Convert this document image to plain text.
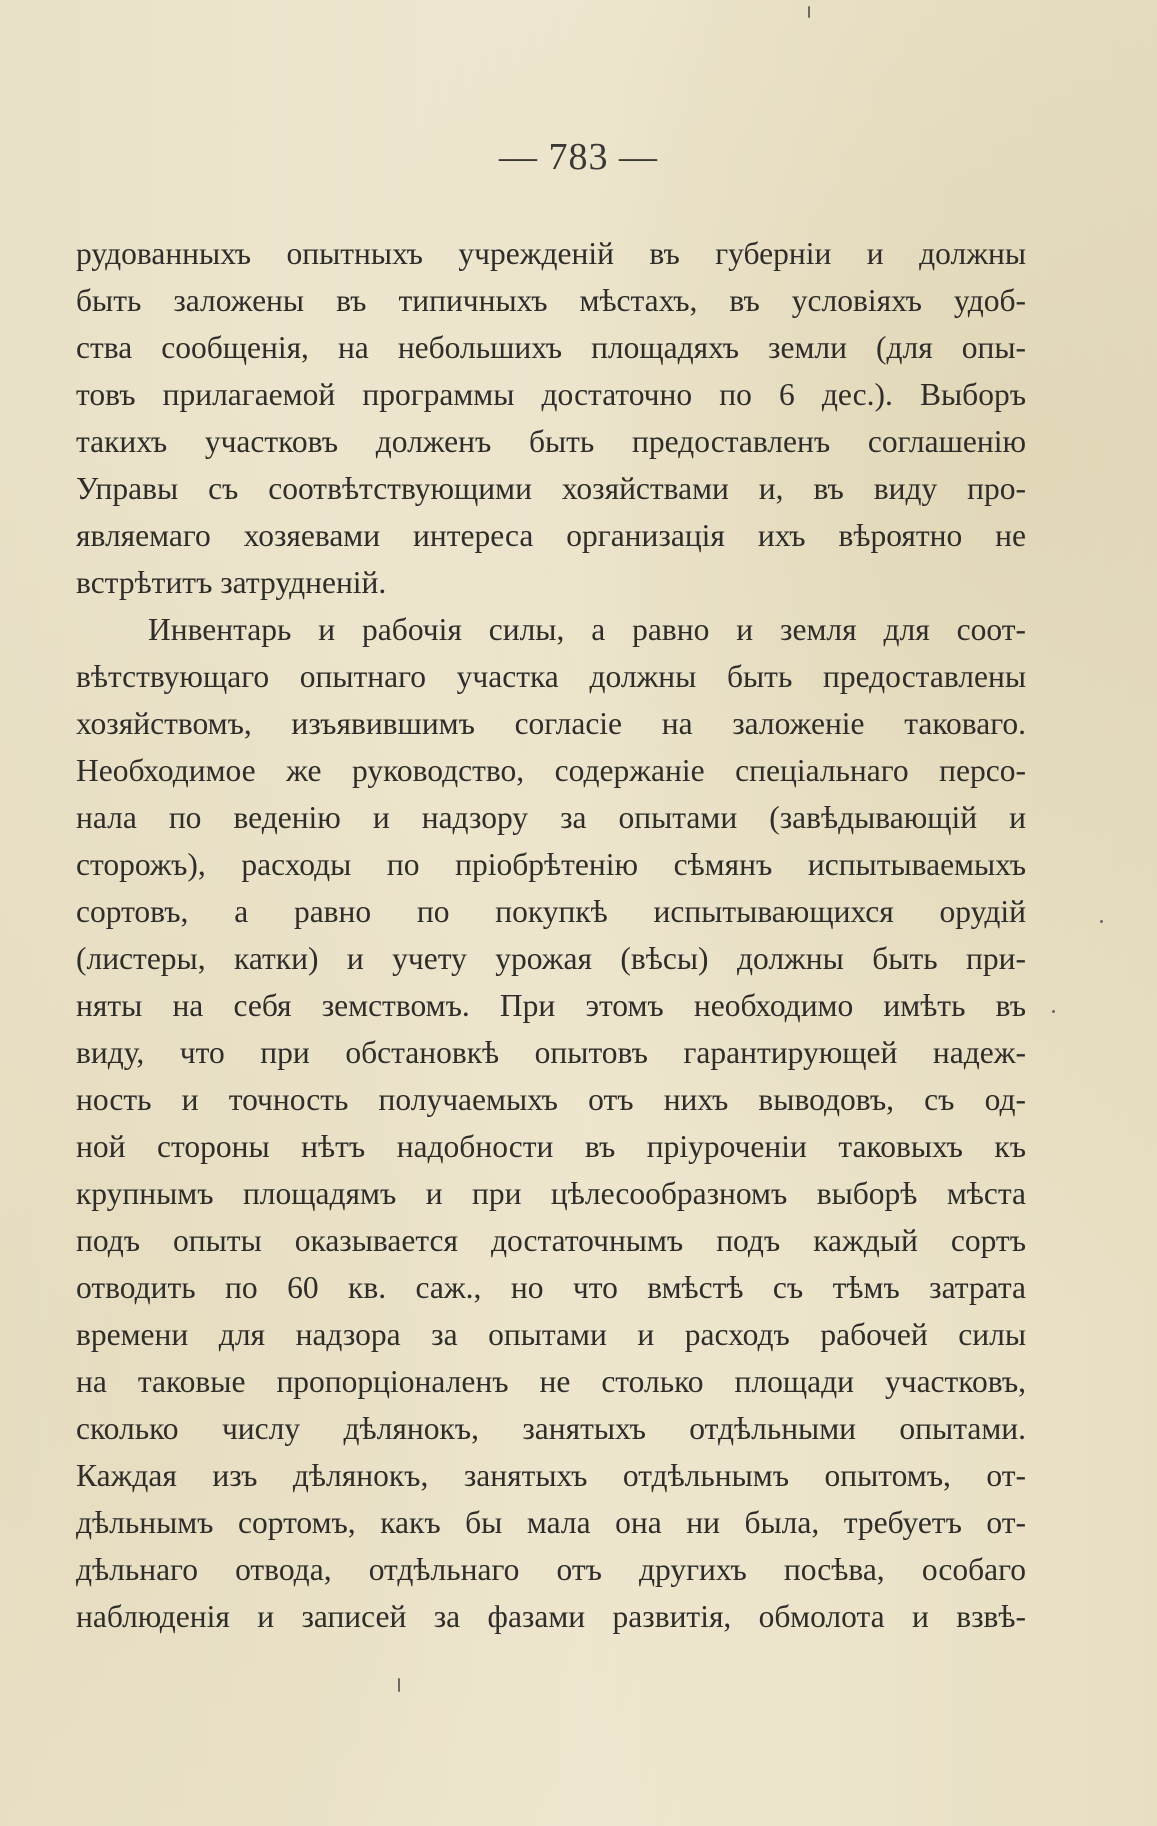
— 783 —
рудованныхъ опытныхъ учрежденій въ губерніи и должны
быть заложены въ типичныхъ мѣстахъ, въ условіяхъ удоб-
ства сообщенія, на небольшихъ площадяхъ земли (для опы-
товъ прилагаемой программы достаточно по 6 дес.). Выборъ
такихъ участковъ долженъ быть предоставленъ соглашенію
Управы съ соотвѣтствующими хозяйствами и, въ виду про-
являемаго хозяевами интереса организація ихъ вѣроятно не
встрѣтитъ затрудненій.
Инвентарь и рабочія силы, а равно и земля для соот-
вѣтствующаго опытнаго участка должны быть предоставлены
хозяйствомъ, изъявившимъ согласіе на заложеніе таковаго.
Необходимое же руководство, содержаніе спеціальнаго персо-
нала по веденію и надзору за опытами (завѣдывающій и
сторожъ), расходы по пріобрѣтенію сѣмянъ испытываемыхъ
сортовъ, а равно по покупкѣ испытывающихся орудій
(листеры, катки) и учету урожая (вѣсы) должны быть при-
няты на себя земствомъ. При этомъ необходимо имѣть въ
виду, что при обстановкѣ опытовъ гарантирующей надеж-
ность и точность получаемыхъ отъ нихъ выводовъ, съ од-
ной стороны нѣтъ надобности въ пріуроченіи таковыхъ къ
крупнымъ площадямъ и при цѣлесообразномъ выборѣ мѣста
подъ опыты оказывается достаточнымъ подъ каждый сортъ
отводить по 60 кв. саж., но что вмѣстѣ съ тѣмъ затрата
времени для надзора за опытами и расходъ рабочей силы
на таковые пропорціоналенъ не столько площади участковъ,
сколько числу дѣлянокъ, занятыхъ отдѣльными опытами.
Каждая изъ дѣлянокъ, занятыхъ отдѣльнымъ опытомъ, от-
дѣльнымъ сортомъ, какъ бы мала она ни была, требуетъ от-
дѣльнаго отвода, отдѣльнаго отъ другихъ посѣва, особаго
наблюденія и записей за фазами развитія, обмолота и взвѣ-
